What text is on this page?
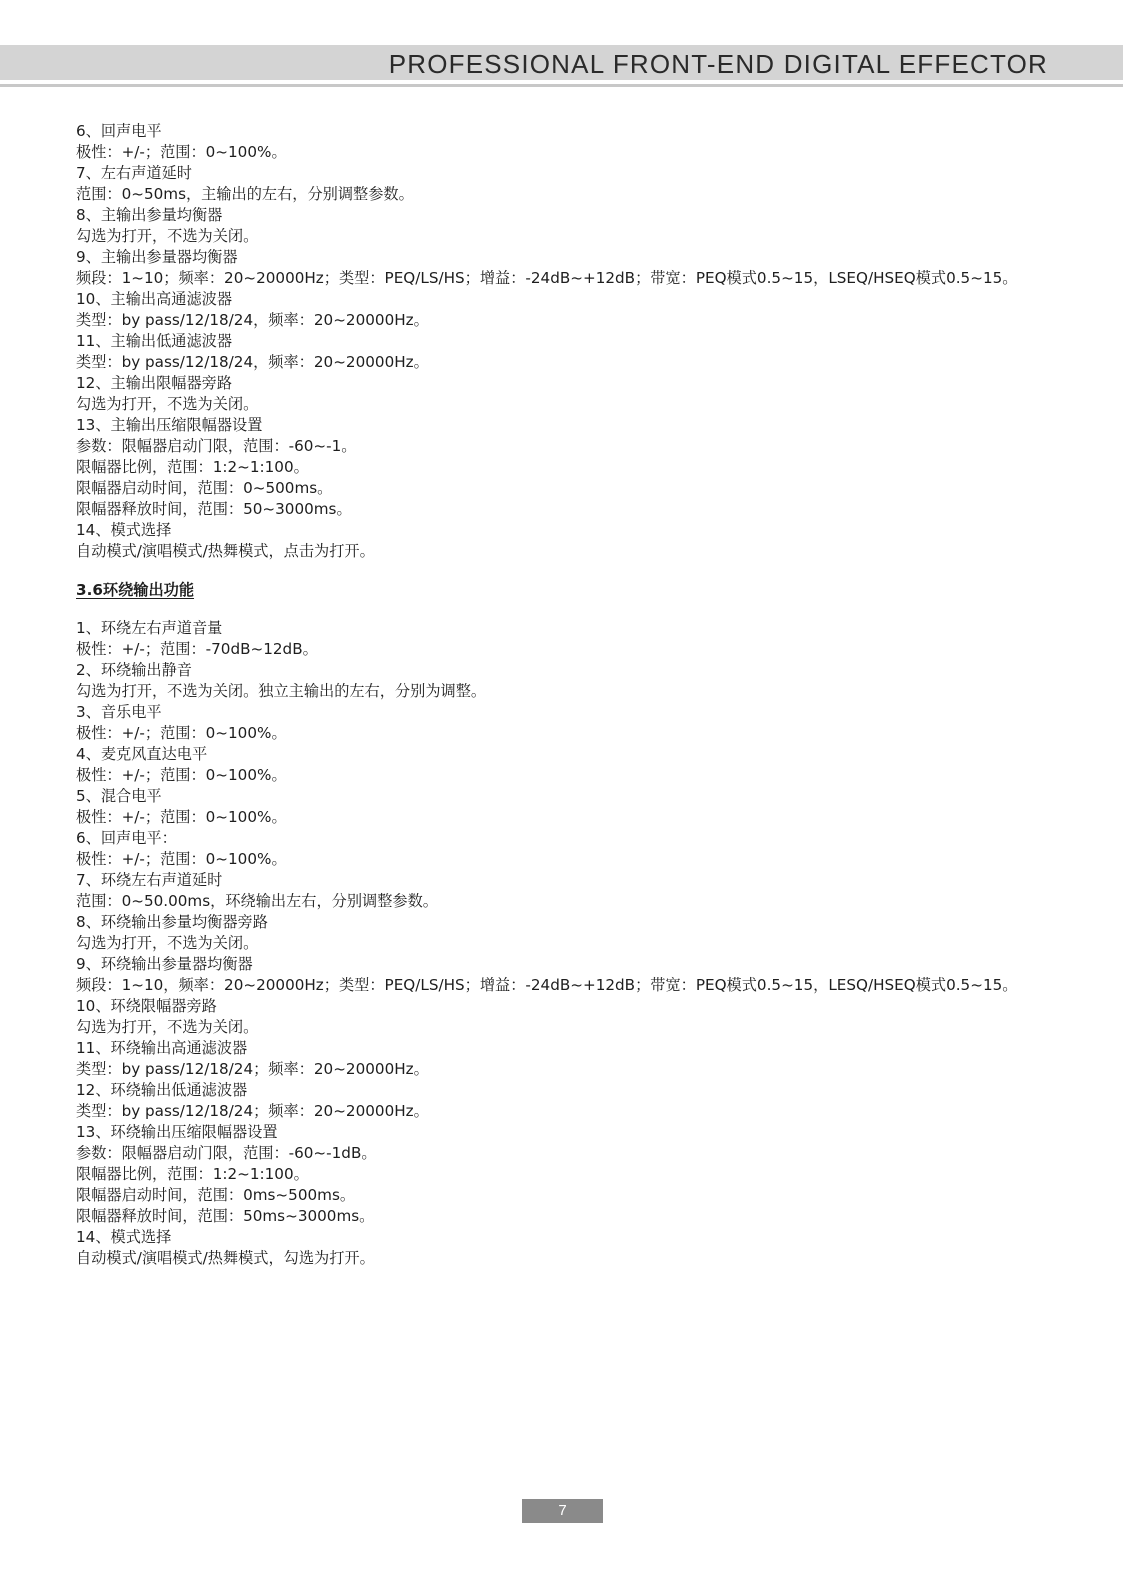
PROFESSIONAL FRONT-END DIGITAL EFFECTOR
6、回声电平
极性：+/-；范围：0~100%。
7、左右声道延时
范围：0~50ms，主输出的左右，分别调整参数。
8、主输出参量均衡器
勾选为打开，不选为关闭。
9、主输出参量器均衡器
频段：1~10；频率：20~20000Hz；类型：PEQ/LS/HS；增益：-24dB~+12dB；带宽：PEQ模式0.5~15，LSEQ/HSEQ模式0.5~15。
10、主输出高通滤波器
类型：by pass/12/18/24，频率：20~20000Hz。
11、主输出低通滤波器
类型：by pass/12/18/24，频率：20~20000Hz。
12、主输出限幅器旁路
勾选为打开，不选为关闭。
13、主输出压缩限幅器设置
参数：限幅器启动门限，范围：-60~-1。
限幅器比例，范围：1:2~1:100。
限幅器启动时间，范围：0~500ms。
限幅器释放时间，范围：50~3000ms。
14、模式选择
自动模式/演唱模式/热舞模式，点击为打开。
3.6环绕输出功能
1、环绕左右声道音量
极性：+/-；范围：-70dB~12dB。
2、环绕输出静音
勾选为打开，不选为关闭。独立主输出的左右，分别为调整。
3、音乐电平
极性：+/-；范围：0~100%。
4、麦克风直达电平
极性：+/-；范围：0~100%。
5、混合电平
极性：+/-；范围：0~100%。
6、回声电平：
极性：+/-；范围：0~100%。
7、环绕左右声道延时
范围：0~50.00ms，环绕输出左右，分别调整参数。
8、环绕输出参量均衡器旁路
勾选为打开，不选为关闭。
9、环绕输出参量器均衡器
频段：1~10，频率：20~20000Hz；类型：PEQ/LS/HS；增益：-24dB~+12dB；带宽：PEQ模式0.5~15，LESQ/HSEQ模式0.5~15。
10、环绕限幅器旁路
勾选为打开，不选为关闭。
11、环绕输出高通滤波器
类型：by pass/12/18/24；频率：20~20000Hz。
12、环绕输出低通滤波器
类型：by pass/12/18/24；频率：20~20000Hz。
13、环绕输出压缩限幅器设置
参数：限幅器启动门限，范围：-60~-1dB。
限幅器比例，范围：1:2~1:100。
限幅器启动时间，范围：0ms~500ms。
限幅器释放时间，范围：50ms~3000ms。
14、模式选择
自动模式/演唱模式/热舞模式，勾选为打开。
7
